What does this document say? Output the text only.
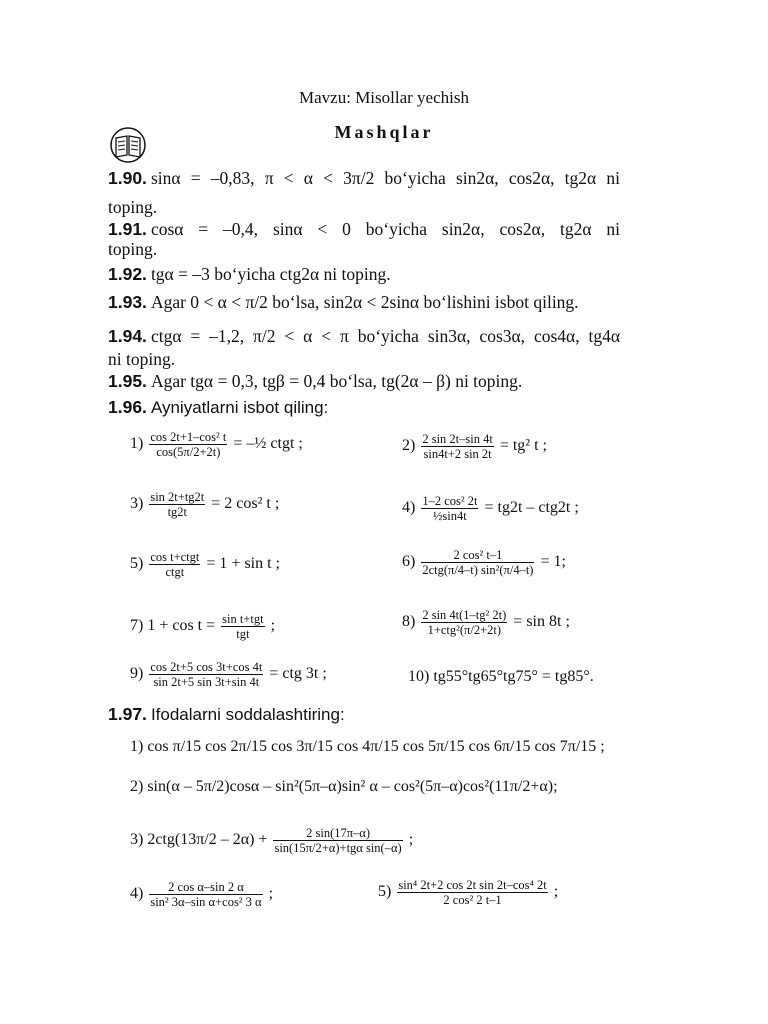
Mavzu: Misollar yechish
Mashqlar
1.90. sinα = –0,83, π < α < 3π/2 bo‘yicha sin2α, cos2α, tg2α ni
toping.
1.91. cosα = –0,4, sinα < 0 bo‘yicha sin2α, cos2α, tg2α ni
toping.
1.92. tgα = –3 bo‘yicha ctg2α ni toping.
1.93. Agar 0 < α < π/2 bo‘lsa, sin2α < 2sinα bo‘lishini isbot qiling.
1.94. ctgα = –1,2, π/2 < α < π bo‘yicha sin3α, cos3α, cos4α, tg4α
ni toping.
1.95. Agar tgα = 0,3, tgβ = 0,4 bo‘lsa, tg(2α – β) ni toping.
1.96. Ayniyatlarni isbot qiling:
$1) \frac{\text{cos 2t+1–cos² t}}{\cos(5\pi/2+2t)}$ = –½ ctgt ;	$2) \frac{2 \sin 2t-\sin 4t}{\sin 4t+2 \sin 2t} = tg^2$ t ;
$3) \frac{\sin 2t+tg2t}{tg2t} = 2$ cos² t ;	$4) \frac{\text{1–2 cos² 2t}}{\text{½sin4t}} = tg2t - ctg2t$ ;
$5) \frac{\text{cos t+ctgt}}{\text{ctgt}} = 1 + \sin t$ ;	$6) \frac{\text{2 cos² t–1}}{\text{2ctg(π/4–t) sin²(π/4–t)}} = 1$;
7) $1 + \cos t = \frac{\text{sin t+tgt}}{\text{tgt}}$ ;	$8) \frac{\text{2 sin 4t(1–tg² 2t)}}{\text{1+ctg²(π/2+2t)}} = \sin 8t$ ;
$9) \frac{\cos 2t+5 \cos 3t+\cos 4t}{\sin 2t+5 \sin 3t+\sin 4t}$ = ctg 3t ;	10) tg55°tg65°tg75° = tg85°.
1.97. Ifodalarni soddalashtiring:
1) cos π/15 cos 2π/15 cos 3π/15 cos 4π/15 cos 5π/15 cos 6π/15 cos 7π/15 ;
2) sin(α – 5π/2)cosα – sin²(5π–α)sin² α – cos²(5π–α)cos²(11π/2+α);
3) $2ctg(13\pi/2 - 2\alpha) + \frac{2 \sin(17\pi-\alpha)}{\text{sin(15π/2+α)+tgα sin(–α)}}$ ;
$4) \frac{\text{2 cos α–sin 2 α}}{\text{sin² 3α–sin α+cos² 3 α}}$ ;	$5) \frac{\text{sin⁴ 2t+2 cos 2t sin 2t–cos⁴ 2t}}{\text{2 cos² 2 t–1}}$ ;
